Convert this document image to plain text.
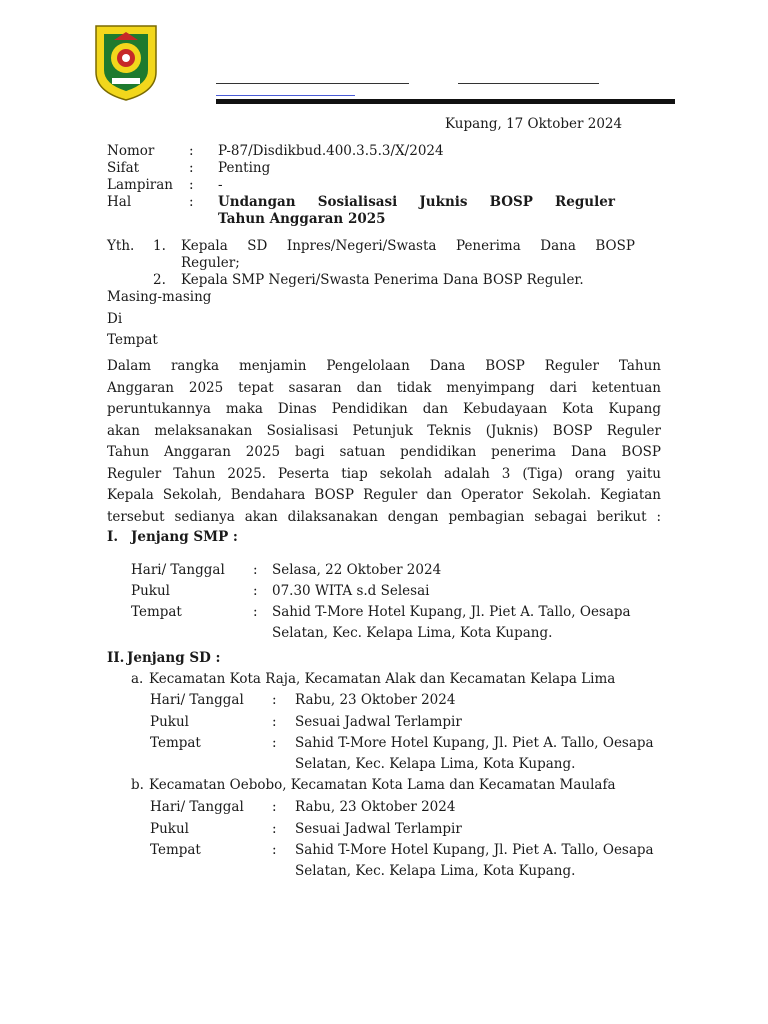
Kupang, 17 Oktober 2024
Nomor	:	P-87/Disdikbud.400.3.5.3/X/2024
Sifat	:	Penting
Lampiran	:	-
Hal	:	Undangan Sosialisasi Juknis BOSP Reguler
Tahun Anggaran 2025
Yth. 1. Kepala SD Inpres/Negeri/Swasta Penerima Dana BOSP
Reguler;
2. Kepala SMP Negeri/Swasta Penerima Dana BOSP Reguler.
Masing-masing
Di
Tempat
Dalam rangka menjamin Pengelolaan Dana BOSP Reguler Tahun
Anggaran 2025 tepat sasaran dan tidak menyimpang dari ketentuan
peruntukannya maka Dinas Pendidikan dan Kebudayaan Kota Kupang
akan melaksanakan Sosialisasi Petunjuk Teknis (Juknis) BOSP Reguler
Tahun Anggaran 2025 bagi satuan pendidikan penerima Dana BOSP
Reguler Tahun 2025. Peserta tiap sekolah adalah 3 (Tiga) orang yaitu
Kepala Sekolah, Bendahara BOSP Reguler dan Operator Sekolah. Kegiatan
tersebut sedianya akan dilaksanakan dengan pembagian sebagai berikut :
I. Jenjang SMP :
Hari/ Tanggal	:	Selasa, 22 Oktober 2024
Pukul	:	07.30 WITA s.d Selesai
Tempat	:	Sahid T-More Hotel Kupang, Jl. Piet A. Tallo, Oesapa
Selatan, Kec. Kelapa Lima, Kota Kupang.
II. Jenjang SD :
a. Kecamatan Kota Raja, Kecamatan Alak dan Kecamatan Kelapa Lima
Hari/ Tanggal	:	Rabu, 23 Oktober 2024
Pukul	:	Sesuai Jadwal Terlampir
Tempat	:	Sahid T-More Hotel Kupang, Jl. Piet A. Tallo, Oesapa
Selatan, Kec. Kelapa Lima, Kota Kupang.
b. Kecamatan Oebobo, Kecamatan Kota Lama dan Kecamatan Maulafa
Hari/ Tanggal	:	Rabu, 23 Oktober 2024
Pukul	:	Sesuai Jadwal Terlampir
Tempat	:	Sahid T-More Hotel Kupang, Jl. Piet A. Tallo, Oesapa
Selatan, Kec. Kelapa Lima, Kota Kupang.
